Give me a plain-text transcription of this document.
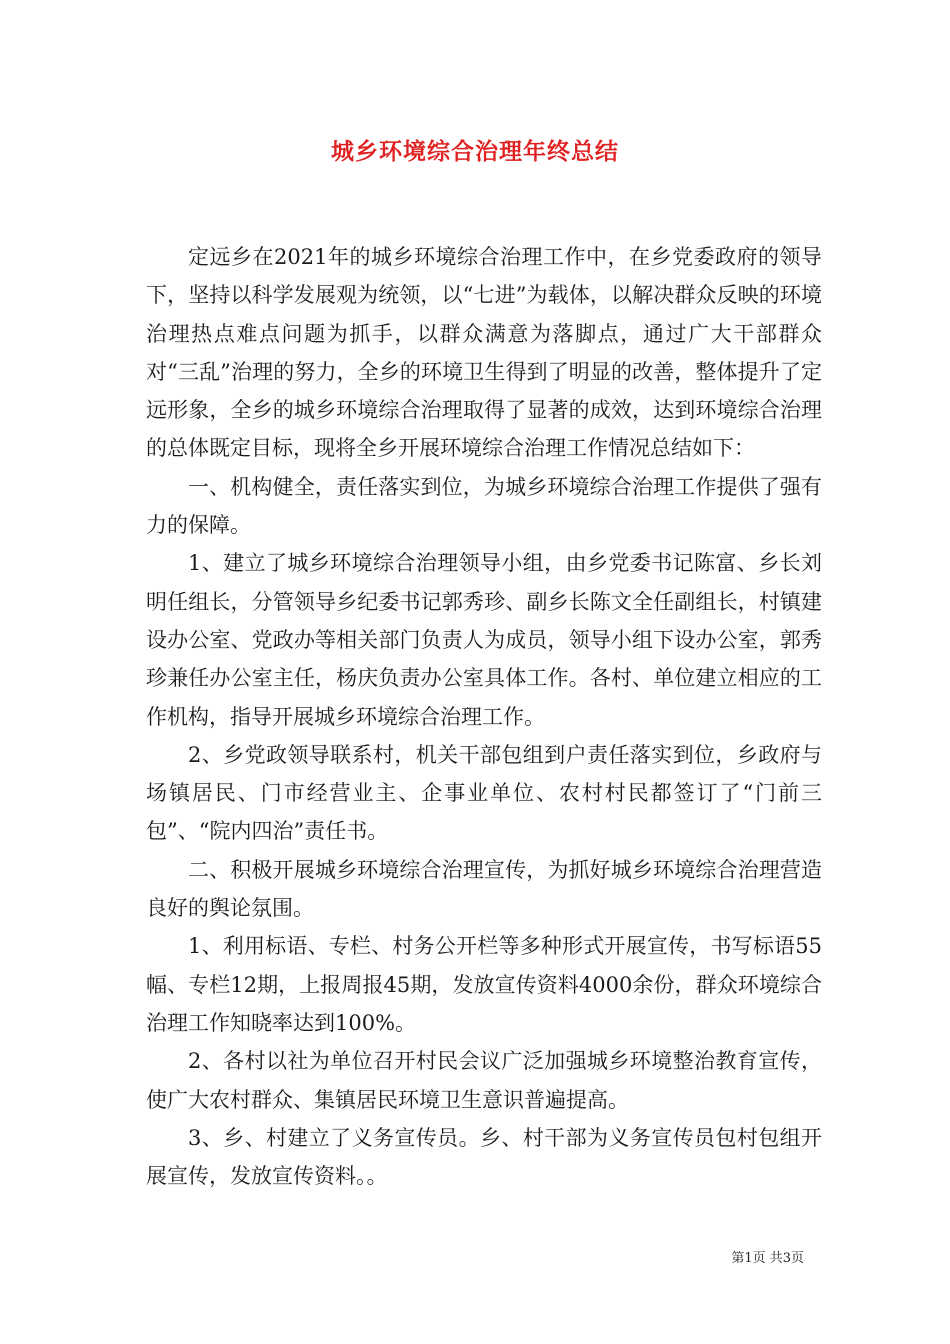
城乡环境综合治理年终总结

定远乡在2021年的城乡环境综合治理工作中，在乡党委政府的领导下，坚持以科学发展观为统领，以“七进”为载体，以解决群众反映的环境治理热点难点问题为抓手，以群众满意为落脚点，通过广大干部群众对“三乱”治理的努力，全乡的环境卫生得到了明显的改善，整体提升了定远形象，全乡的城乡环境综合治理取得了显著的成效，达到环境综合治理的总体既定目标，现将全乡开展环境综合治理工作情况总结如下：

一、机构健全，责任落实到位，为城乡环境综合治理工作提供了强有力的保障。

1、建立了城乡环境综合治理领导小组，由乡党委书记陈富、乡长刘明任组长，分管领导乡纪委书记郭秀珍、副乡长陈文全任副组长，村镇建设办公室、党政办等相关部门负责人为成员，领导小组下设办公室，郭秀珍兼任办公室主任，杨庆负责办公室具体工作。各村、单位建立相应的工作机构，指导开展城乡环境综合治理工作。

2、乡党政领导联系村，机关干部包组到户责任落实到位，乡政府与场镇居民、门市经营业主、企事业单位、农村村民都签订了“门前三包”、“院内四治”责任书。

二、积极开展城乡环境综合治理宣传，为抓好城乡环境综合治理营造良好的舆论氛围。

1、利用标语、专栏、村务公开栏等多种形式开展宣传，书写标语55幅、专栏12期，上报周报45期，发放宣传资料4000余份，群众环境综合治理工作知晓率达到100%。

2、各村以社为单位召开村民会议广泛加强城乡环境整治教育宣传，使广大农村群众、集镇居民环境卫生意识普遍提高。

3、乡、村建立了义务宣传员。乡、村干部为义务宣传员包村包组开展宣传，发放宣传资料。。

第1页 共3页
